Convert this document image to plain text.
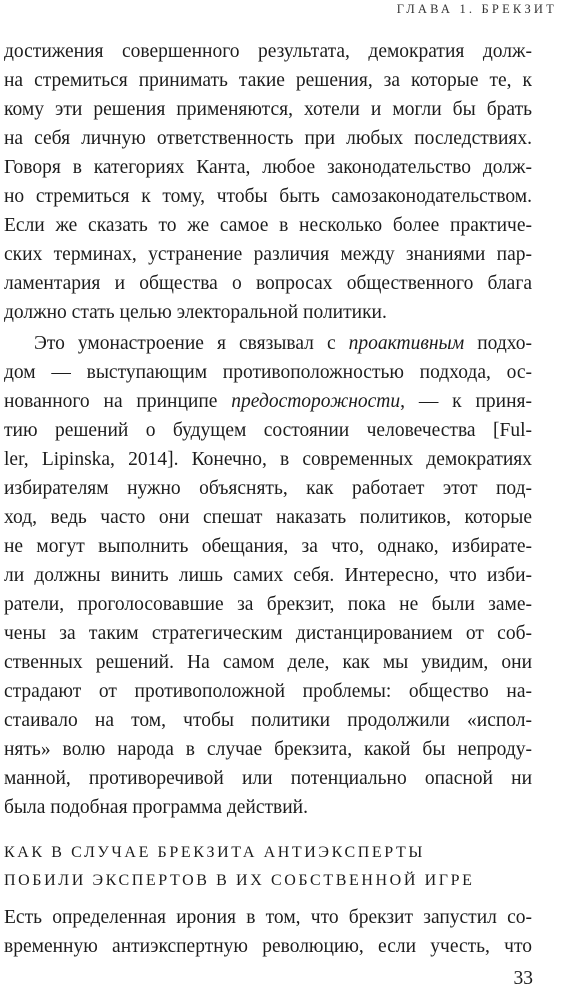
ГЛАВА 1. БРЕКЗИТ
достижения совершенного результата, демократия долж-
на стремиться принимать такие решения, за которые те, к
кому эти решения применяются, хотели и могли бы брать
на себя личную ответственность при любых последствиях.
Говоря в категориях Канта, любое законодательство долж-
но стремиться к тому, чтобы быть самозаконодательством.
Если же сказать то же самое в несколько более практиче-
ских терминах, устранение различия между знаниями пар-
ламентария и общества о вопросах общественного блага
должно стать целью электоральной политики.
Это умонастроение я связывал с проактивным подхо-
дом — выступающим противоположностью подхода, ос-
нованного на принципе предосторожности, — к приня-
тию решений о будущем состоянии человечества [Ful-
ler, Lipinska, 2014]. Конечно, в современных демократиях
избирателям нужно объяснять, как работает этот под-
ход, ведь часто они спешат наказать политиков, которые
не могут выполнить обещания, за что, однако, избирате-
ли должны винить лишь самих себя. Интересно, что изби-
ратели, проголосовавшие за брекзит, пока не были заме-
чены за таким стратегическим дистанцированием от соб-
ственных решений. На самом деле, как мы увидим, они
страдают от противоположной проблемы: общество на-
стаивало на том, чтобы политики продолжили «испол-
нять» волю народа в случае брекзита, какой бы непроду-
манной, противоречивой или потенциально опасной ни
была подобная программа действий.
КАК В СЛУЧАЕ БРЕКЗИТА АНТИЭКСПЕРТЫ
ПОБИЛИ ЭКСПЕРТОВ В ИХ СОБСТВЕННОЙ ИГРЕ
Есть определенная ирония в том, что брекзит запустил со-
временную антиэкспертную революцию, если учесть, что
33
